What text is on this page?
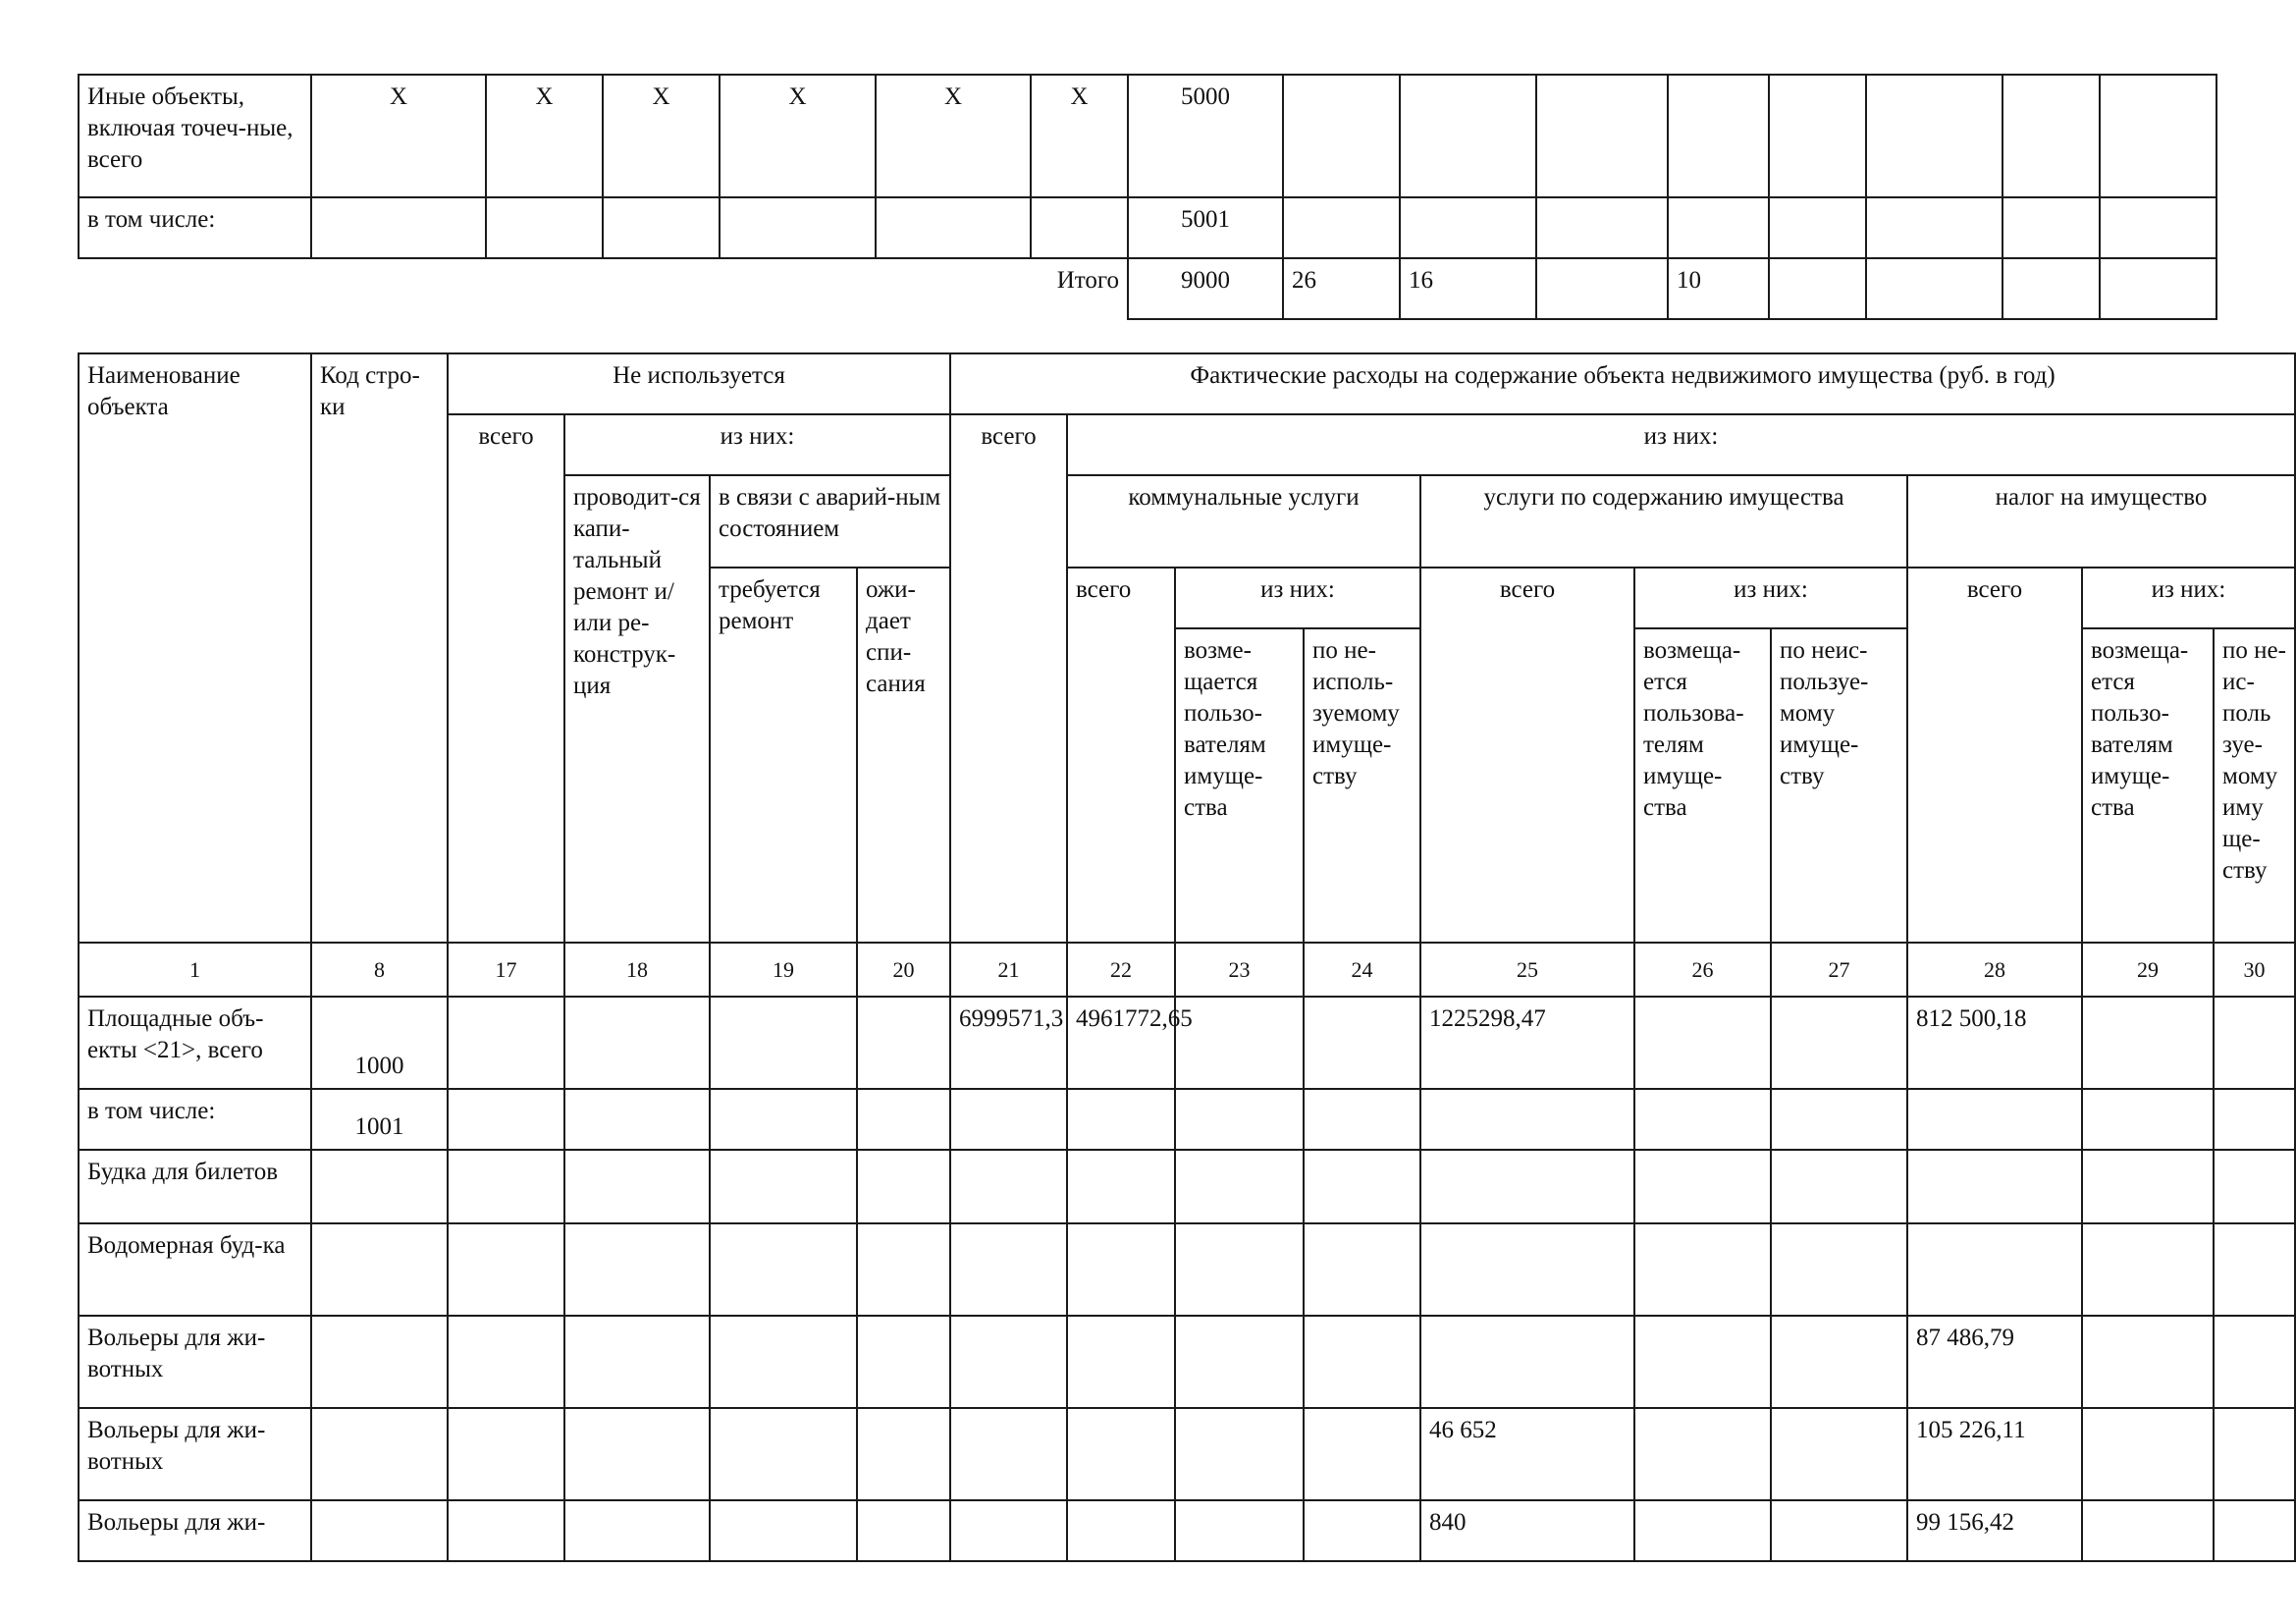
Иные объекты, включая точеч-ные, всего	X	X	X	X	X	X	5000								
в том числе:							5001								
Итого							9000	26	16		10				
Наименование объекта	Код стро-ки	Не используется				Фактические расходы на содержание объекта недвижимого имущества (руб. в год)									
		всего	из них:			всего	из них:								
			проводит-ся капи-тальный ремонт и/или ре-конструк-ция	в связи с аварий-ным состоянием			коммунальные услуги			услуги по содержанию имущества			налог на имущество		
				требуется ремонт	ожи-дает спи-сания		всего	из них:		всего	из них:		всего	из них:	
								возме-щается пользо-вателям имуще-ства	по не-исполь-зуемому имуще-ству		возмеща-ется пользова-телям имуще-ства	по неис-пользуе-мому имуще-ству		возмеща-ется пользо-вателям имуще-ства	по не-ис-поль зуе-мому иму ще-ству
1	8	17	18	19	20	21	22	23	24	25	26	27	28	29	30
Площадные объ-екты <21>, всего	1000					6999571,3	4961772,65			1225298,47			812 500,18		
в том числе:	1001														
Будка для билетов															
Водомерная буд-ка															
Вольеры для жи-вотных													87 486,79		
Вольеры для жи-вотных										46 652			105 226,11		
Вольеры для жи-										840			99 156,42		
